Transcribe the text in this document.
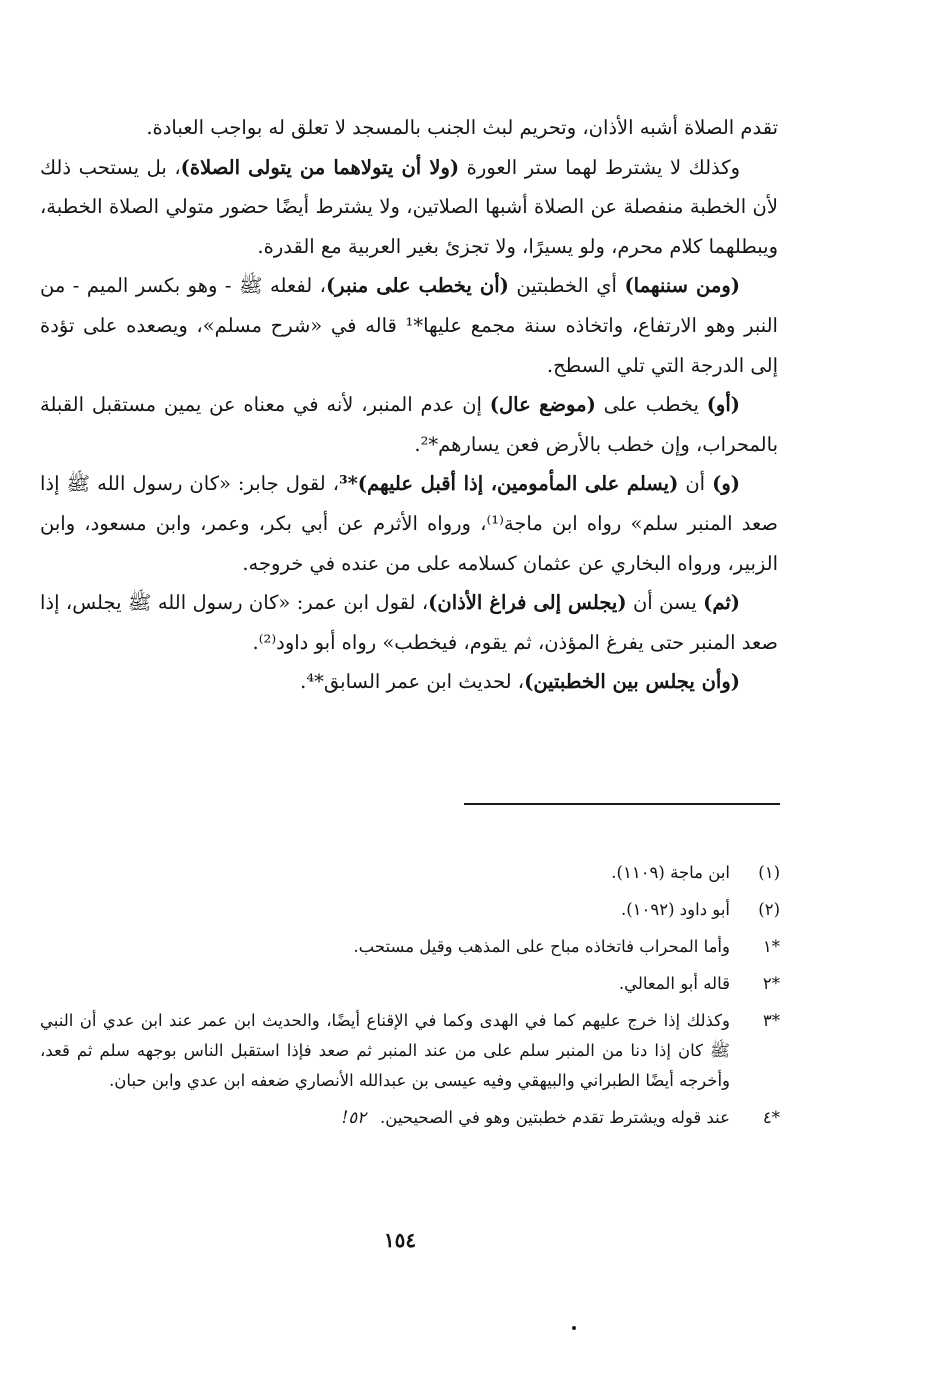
تقدم الصلاة أشبه الأذان، وتحريم لبث الجنب بالمسجد لا تعلق له بواجب العبادة.

وكذلك لا يشترط لهما ستر العورة (ولا أن يتولاهما من يتولى الصلاة)، بل يستحب ذلك لأن الخطبة منفصلة عن الصلاة أشبها الصلاتين، ولا يشترط أيضًا حضور متولي الصلاة الخطبة، ويبطلهما كلام محرم، ولو يسيرًا، ولا تجزئ بغير العربية مع القدرة.

(ومن سننهما) أي الخطبتين (أن يخطب على منبر)، لفعله ﷺ - وهو بكسر الميم - من النبر وهو الارتفاع، واتخاذه سنة مجمع عليها*¹ قاله في «شرح مسلم»، ويصعده على تؤدة إلى الدرجة التي تلي السطح.

(أو) يخطب على (موضع عال) إن عدم المنبر، لأنه في معناه عن يمين مستقبل القبلة بالمحراب، وإن خطب بالأرض فعن يسارهم*².

(و) أن (يسلم على المأمومين، إذا أقبل عليهم)*³، لقول جابر: «كان رسول الله ﷺ إذا صعد المنبر سلم» رواه ابن ماجة⁽¹⁾، ورواه الأثرم عن أبي بكر، وعمر، وابن مسعود، وابن الزبير، ورواه البخاري عن عثمان كسلامه على من عنده في خروجه.

(ثم) يسن أن (يجلس إلى فراغ الأذان)، لقول ابن عمر: «كان رسول الله ﷺ يجلس، إذا صعد المنبر حتى يفرغ المؤذن، ثم يقوم، فيخطب» رواه أبو داود⁽²⁾.

(وأن يجلس بين الخطبتين)، لحديث ابن عمر السابق*⁴.

(١)
ابن ماجة (١١٠٩).
(٢)
أبو داود (١٠٩٢).
*١
وأما المحراب فاتخاذه مباح على المذهب وقيل مستحب.
*٢
قاله أبو المعالي.
*٣
وكذلك إذا خرج عليهم كما في الهدى وكما في الإقناع أيضًا، والحديث ابن عمر عند ابن عدي أن النبي ﷺ كان إذا دنا من المنبر سلم على من عند المنبر ثم صعد فإذا استقبل الناس بوجهه سلم ثم قعد، وأخرجه أيضًا الطبراني والبيهقي وفيه عيسى بن عبدالله الأنصاري ضعفه ابن عدي وابن حبان.
*٤
عند قوله ويشترط تقدم خطبتين وهو في الصحيحين.٥٢!
١٥٤
